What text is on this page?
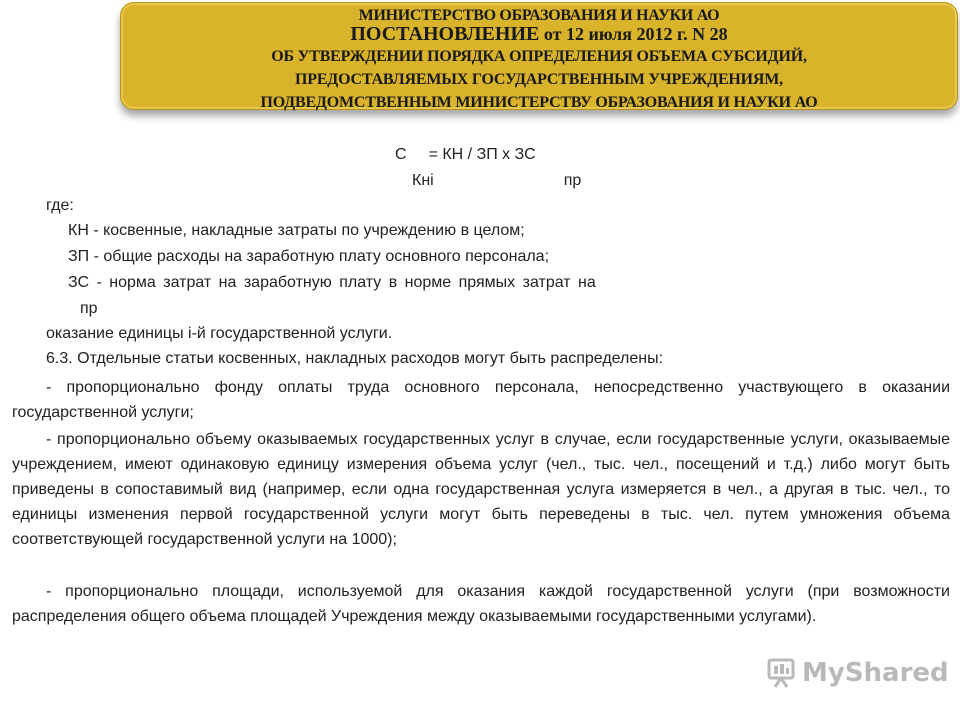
МИНИСТЕРСТВО ОБРАЗОВАНИЯ И НАУКИ АО
ПОСТАНОВЛЕНИЕ от 12 июля 2012 г. N 28
ОБ УТВЕРЖДЕНИИ ПОРЯДКА ОПРЕДЕЛЕНИЯ ОБЪЕМА СУБСИДИЙ,
ПРЕДОСТАВЛЯЕМЫХ ГОСУДАРСТВЕННЫМ УЧРЕЖДЕНИЯМ,
ПОДВЕДОМСТВЕННЫМ МИНИСТЕРСТВУ ОБРАЗОВАНИЯ И НАУКИ АО
С = КН / ЗП х ЗС
Кнi	пр
где:
КН - косвенные, накладные затраты по учреждению в целом;
ЗП - общие расходы на заработную плату основного персонала;
ЗС - норма затрат на заработную плату в норме прямых затрат на
пр
оказание единицы i-й государственной услуги.
6.3. Отдельные статьи косвенных, накладных расходов могут быть распределены:
- пропорционально фонду оплаты труда основного персонала, непосредственно участвующего в оказании государственной услуги;
- пропорционально объему оказываемых государственных услуг в случае, если государственные услуги, оказываемые учреждением, имеют одинаковую единицу измерения объема услуг (чел., тыс. чел., посещений и т.д.) либо могут быть приведены в сопоставимый вид (например, если одна государственная услуга измеряется в чел., а другая в тыс. чел., то единицы изменения первой государственной услуги могут быть переведены в тыс. чел. путем умножения объема соответствующей государственной услуги на 1000);
- пропорционально площади, используемой для оказания каждой государственной услуги (при возможности распределения общего объема площадей Учреждения между оказываемыми государственными услугами).
MyShared
